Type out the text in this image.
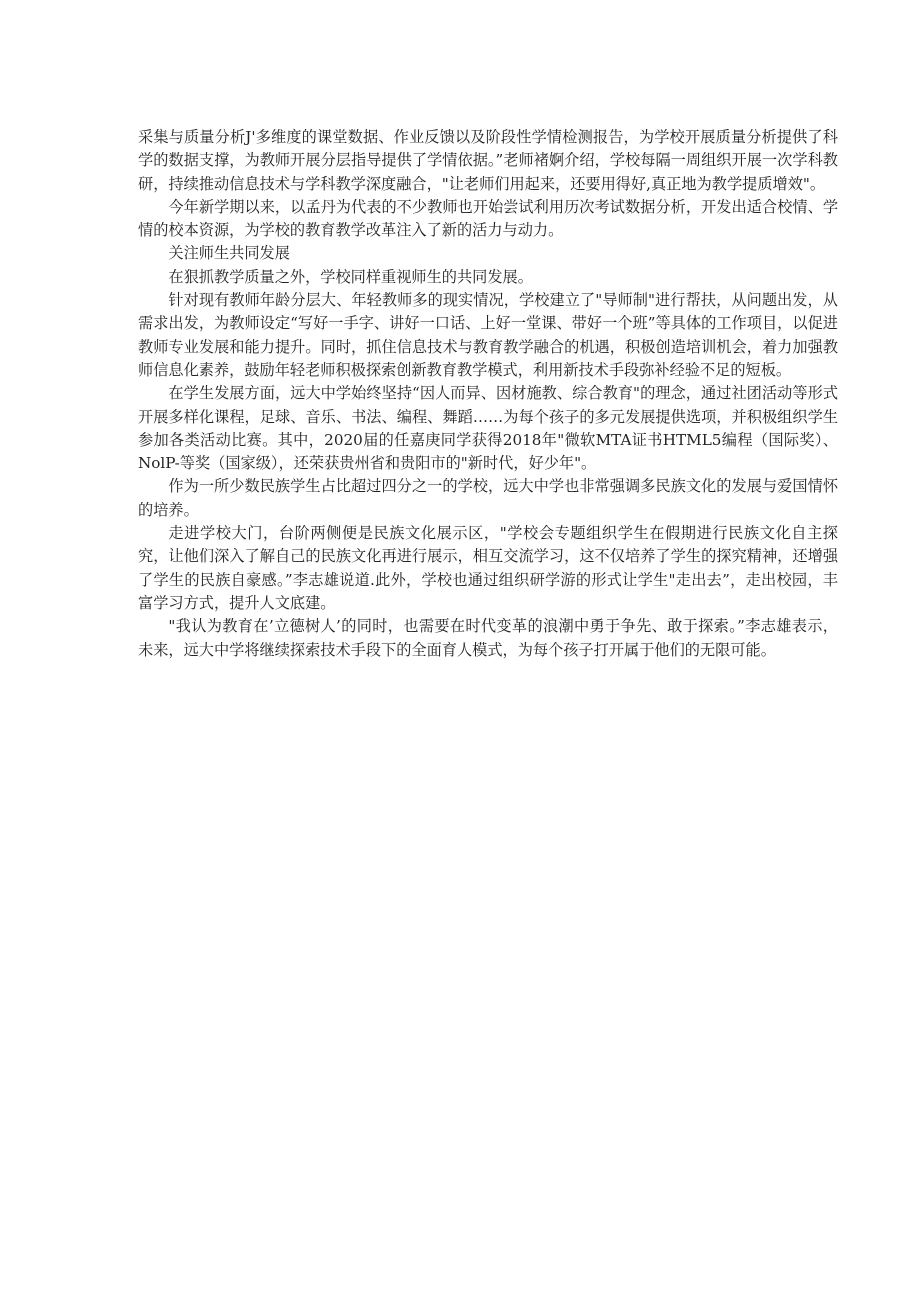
采集与质量分析J'多维度的课堂数据、作业反馈以及阶段性学情检测报告，为学校开展质量分析提供了科学的数据支撑，为教师开展分层指导提供了学情依据。”老师褚婀介绍，学校每隔一周组织开展一次学科教研，持续推动信息技术与学科教学深度融合，"让老师们用起来，还要用得好,真正地为教学提质增效"。

今年新学期以来，以孟丹为代表的不少教师也开始尝试利用历次考试数据分析，开发出适合校情、学情的校本资源，为学校的教育教学改革注入了新的活力与动力。

关注师生共同发展

在狠抓教学质量之外，学校同样重视师生的共同发展。

针对现有教师年龄分层大、年轻教师多的现实情况，学校建立了"导师制"进行帮扶，从问题出发，从需求出发，为教师设定“写好一手字、讲好一口话、上好一堂课、带好一个班”等具体的工作项目，以促进教师专业发展和能力提升。同时，抓住信息技术与教育教学融合的机遇，积极创造培训机会，着力加强教师信息化素养，鼓励年轻老师积极探索创新教育教学模式，利用新技术手段弥补经验不足的短板。

在学生发展方面，远大中学始终坚持“因人而异、因材施教、综合教育"的理念，通过社团活动等形式开展多样化课程，足球、音乐、书法、编程、舞蹈……为每个孩子的多元发展提供选项，并积极组织学生参加各类活动比赛。其中，2020届的任嘉庚同学获得2018年"微软MTA证书HTML5编程（国际奖）、NolP-等奖（国家级），还荣获贵州省和贵阳市的"新时代，好少年"。

作为一所少数民族学生占比超过四分之一的学校，远大中学也非常强调多民族文化的发展与爱国情怀的培养。

走进学校大门，台阶两侧便是民族文化展示区，"学校会专题组织学生在假期进行民族文化自主探究，让他们深入了解自己的民族文化再进行展示，相互交流学习，这不仅培养了学生的探究精神，还增强了学生的民族自豪感。”李志雄说道.此外，学校也通过组织研学游的形式让学生"走出去”，走出校园，丰富学习方式，提升人文底建。

"我认为教育在’立德树人’的同时，也需要在时代变革的浪潮中勇于争先、敢于探索。”李志雄表示，未来，远大中学将继续探索技术手段下的全面育人模式，为每个孩子打开属于他们的无限可能。
